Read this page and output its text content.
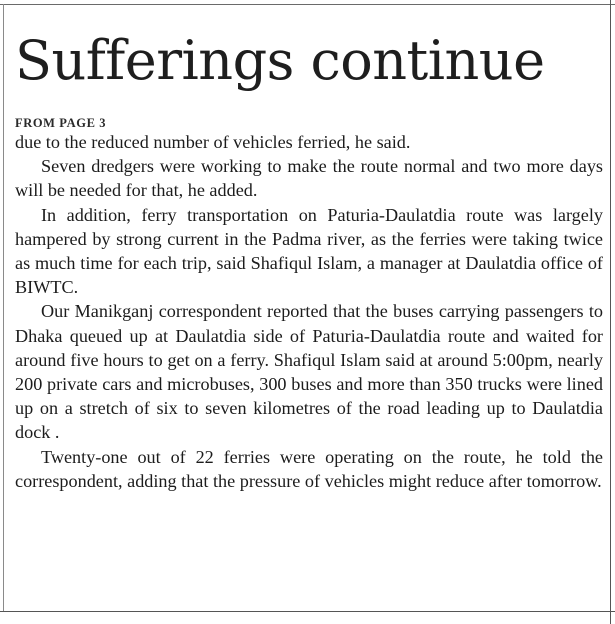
Sufferings continue
FROM PAGE 3

due to the reduced number of vehicles ferried, he said.

Seven dredgers were working to make the route normal and two more days will be needed for that, he added.

In addition, ferry transportation on Paturia-Daulatdia route was largely hampered by strong current in the Padma river, as the ferries were taking twice as much time for each trip, said Shafiqul Islam, a manager at Daulatdia office of BIWTC.

Our Manikganj correspondent reported that the buses carrying passengers to Dhaka queued up at Daulatdia side of Paturia-Daulatdia route and waited for around five hours to get on a ferry. Shafiqul Islam said at around 5:00pm, nearly 200 private cars and microbuses, 300 buses and more than 350 trucks were lined up on a stretch of six to seven kilometres of the road leading up to Daulatdia dock .

Twenty-one out of 22 ferries were operating on the route, he told the correspondent, adding that the pressure of vehicles might reduce after tomorrow.
